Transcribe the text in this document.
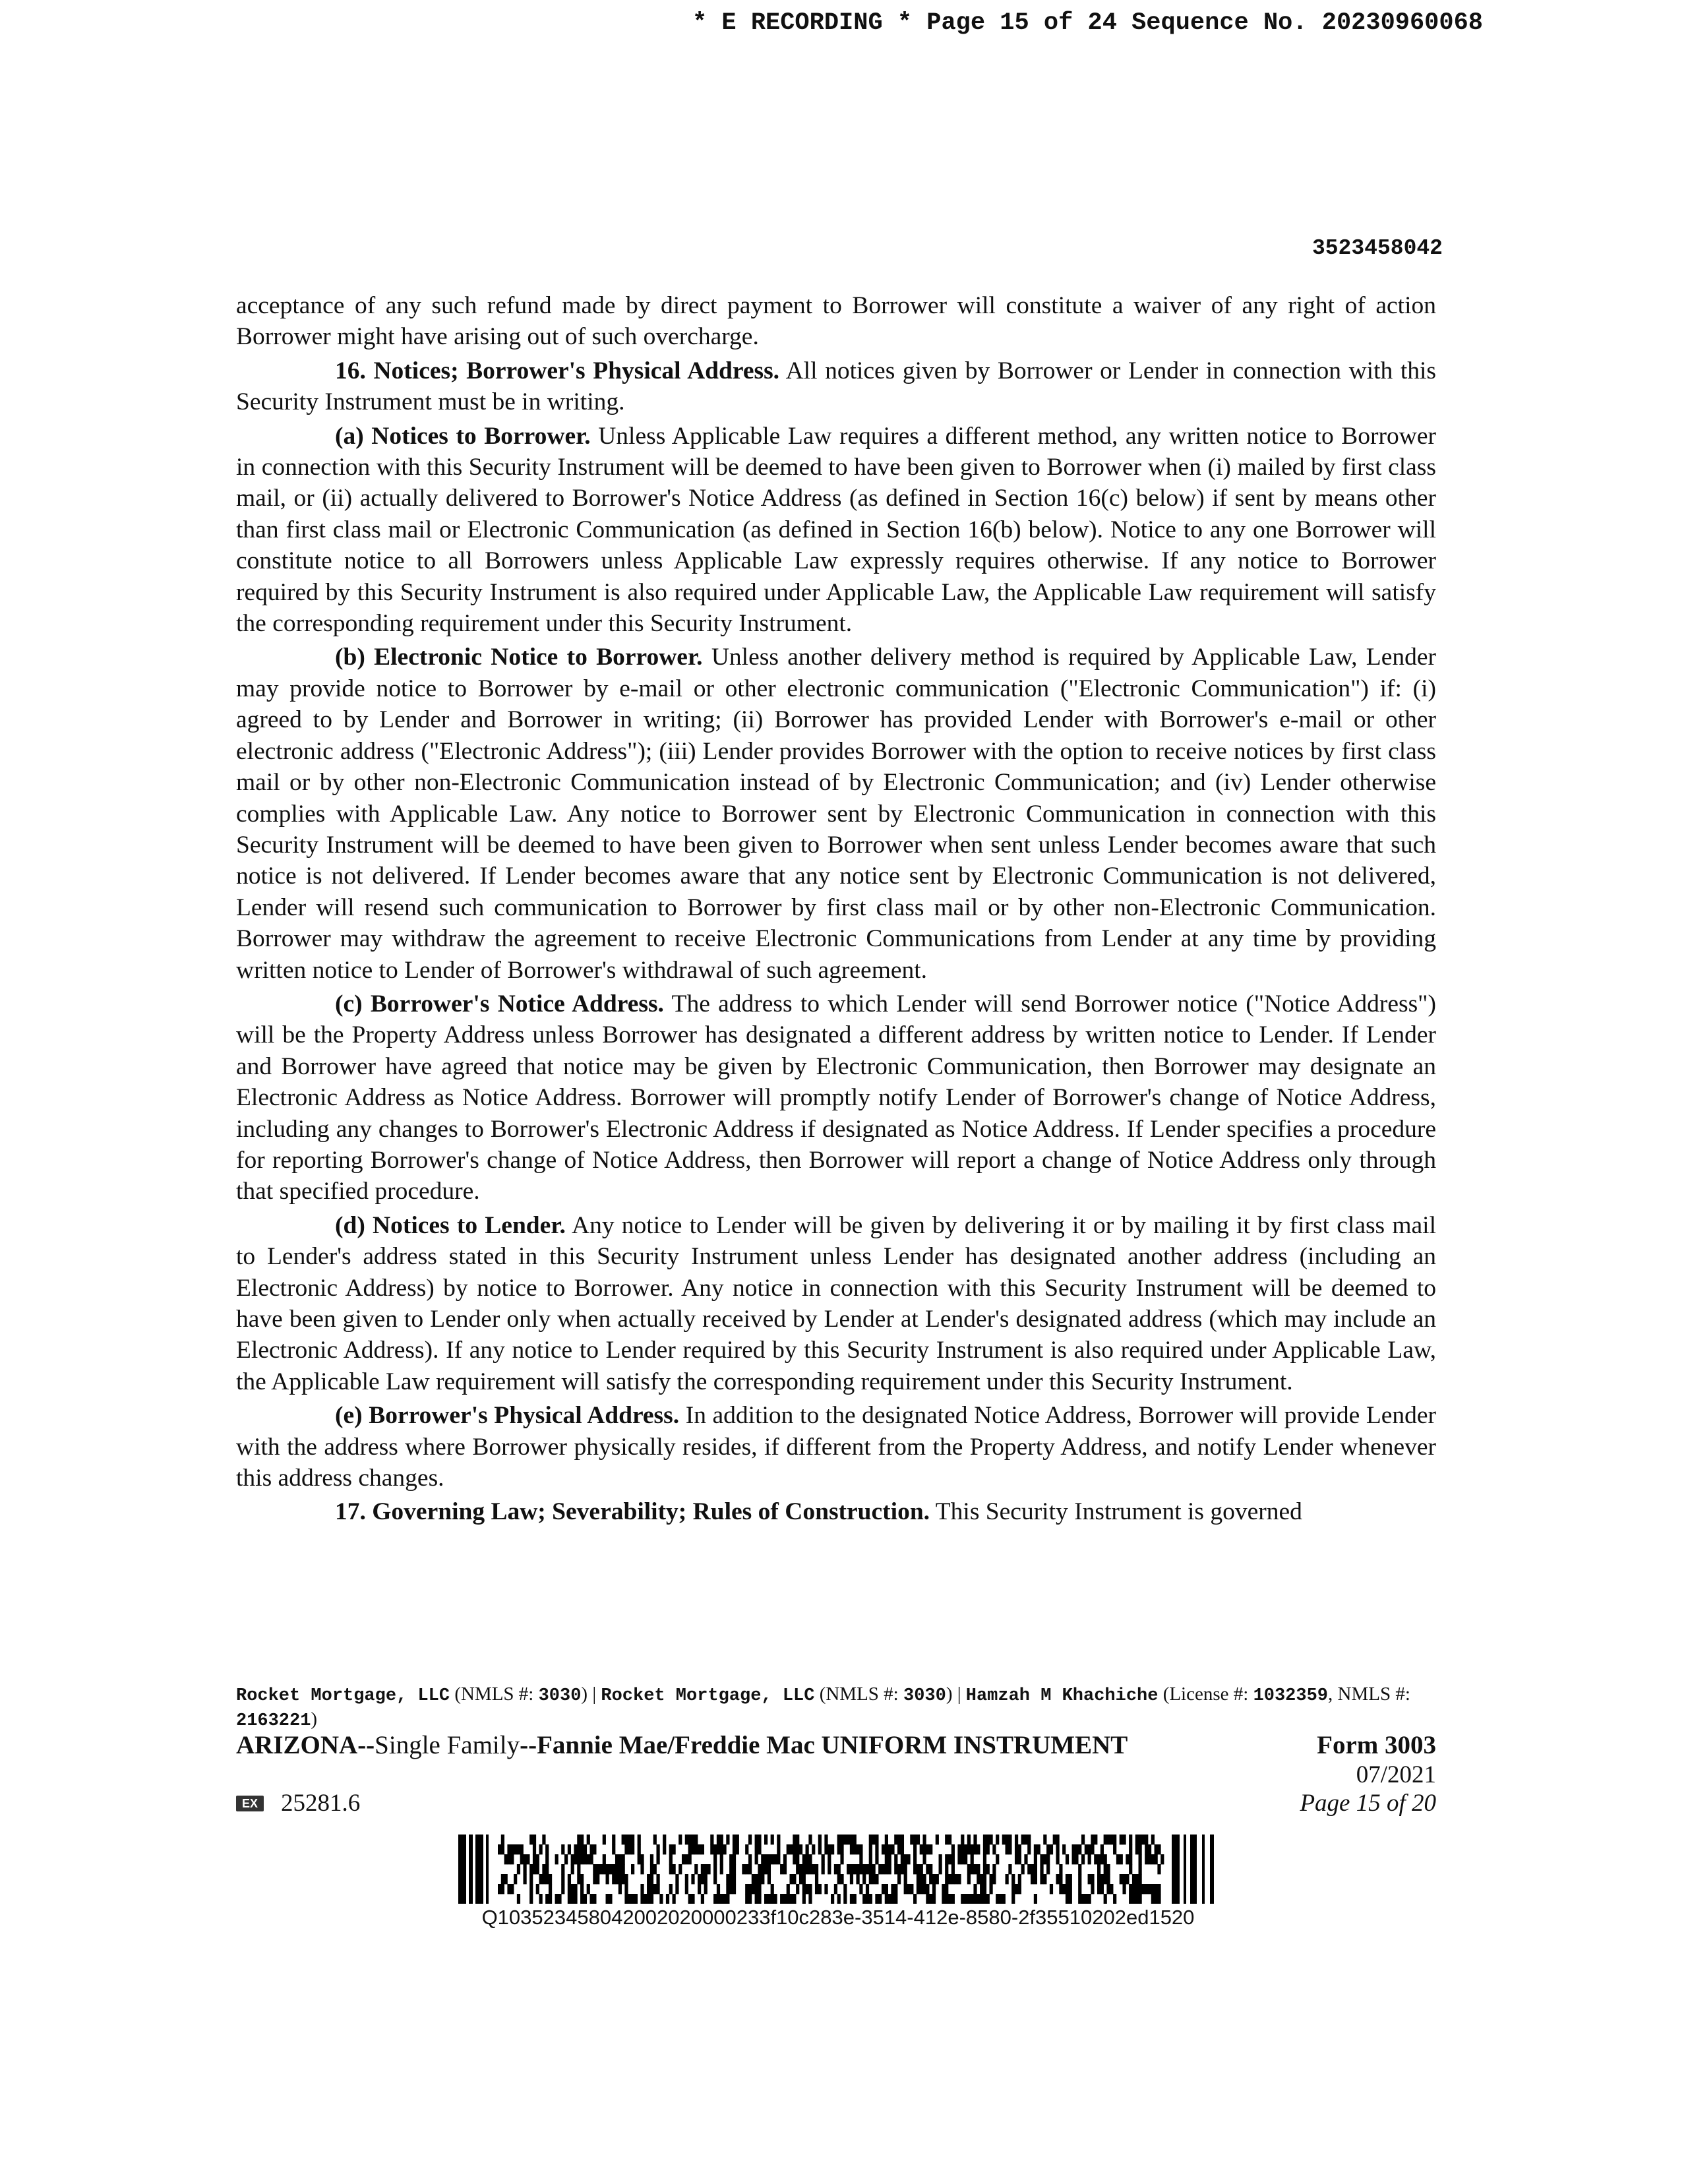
* E RECORDING * Page 15 of 24 Sequence No. 20230960068
3523458042

acceptance of any such refund made by direct payment to Borrower will constitute a waiver of any right of action Borrower might have arising out of such overcharge.

16. Notices; Borrower's Physical Address. All notices given by Borrower or Lender in connection with this Security Instrument must be in writing.

(a) Notices to Borrower. Unless Applicable Law requires a different method, any written notice to Borrower in connection with this Security Instrument will be deemed to have been given to Borrower when (i) mailed by first class mail, or (ii) actually delivered to Borrower's Notice Address (as defined in Section 16(c) below) if sent by means other than first class mail or Electronic Communication (as defined in Section 16(b) below). Notice to any one Borrower will constitute notice to all Borrowers unless Applicable Law expressly requires otherwise. If any notice to Borrower required by this Security Instrument is also required under Applicable Law, the Applicable Law requirement will satisfy the corresponding requirement under this Security Instrument.

(b) Electronic Notice to Borrower. Unless another delivery method is required by Applicable Law, Lender may provide notice to Borrower by e-mail or other electronic communication ("Electronic Communication") if: (i) agreed to by Lender and Borrower in writing; (ii) Borrower has provided Lender with Borrower's e-mail or other electronic address ("Electronic Address"); (iii) Lender provides Borrower with the option to receive notices by first class mail or by other non-Electronic Communication instead of by Electronic Communication; and (iv) Lender otherwise complies with Applicable Law. Any notice to Borrower sent by Electronic Communication in connection with this Security Instrument will be deemed to have been given to Borrower when sent unless Lender becomes aware that such notice is not delivered. If Lender becomes aware that any notice sent by Electronic Communication is not delivered, Lender will resend such communication to Borrower by first class mail or by other non-Electronic Communication. Borrower may withdraw the agreement to receive Electronic Communications from Lender at any time by providing written notice to Lender of Borrower's withdrawal of such agreement.

(c) Borrower's Notice Address. The address to which Lender will send Borrower notice ("Notice Address") will be the Property Address unless Borrower has designated a different address by written notice to Lender. If Lender and Borrower have agreed that notice may be given by Electronic Communication, then Borrower may designate an Electronic Address as Notice Address. Borrower will promptly notify Lender of Borrower's change of Notice Address, including any changes to Borrower's Electronic Address if designated as Notice Address. If Lender specifies a procedure for reporting Borrower's change of Notice Address, then Borrower will report a change of Notice Address only through that specified procedure.

(d) Notices to Lender. Any notice to Lender will be given by delivering it or by mailing it by first class mail to Lender's address stated in this Security Instrument unless Lender has designated another address (including an Electronic Address) by notice to Borrower. Any notice in connection with this Security Instrument will be deemed to have been given to Lender only when actually received by Lender at Lender's designated address (which may include an Electronic Address). If any notice to Lender required by this Security Instrument is also required under Applicable Law, the Applicable Law requirement will satisfy the corresponding requirement under this Security Instrument.

(e) Borrower's Physical Address. In addition to the designated Notice Address, Borrower will provide Lender with the address where Borrower physically resides, if different from the Property Address, and notify Lender whenever this address changes.

17. Governing Law; Severability; Rules of Construction. This Security Instrument is governed

Rocket Mortgage, LLC (NMLS #: 3030) | Rocket Mortgage, LLC (NMLS #: 3030) | Hamzah M Khachiche (License #: 1032359, NMLS #: 2163221)
ARIZONA--Single Family--Fannie Mae/Freddie Mac UNIFORM INSTRUMENT	Form 3003
07/2021
EX 25281.6	Page 15 of 20
Q103523458042002020000233f10c283e-3514-412e-8580-2f35510202ed1520
